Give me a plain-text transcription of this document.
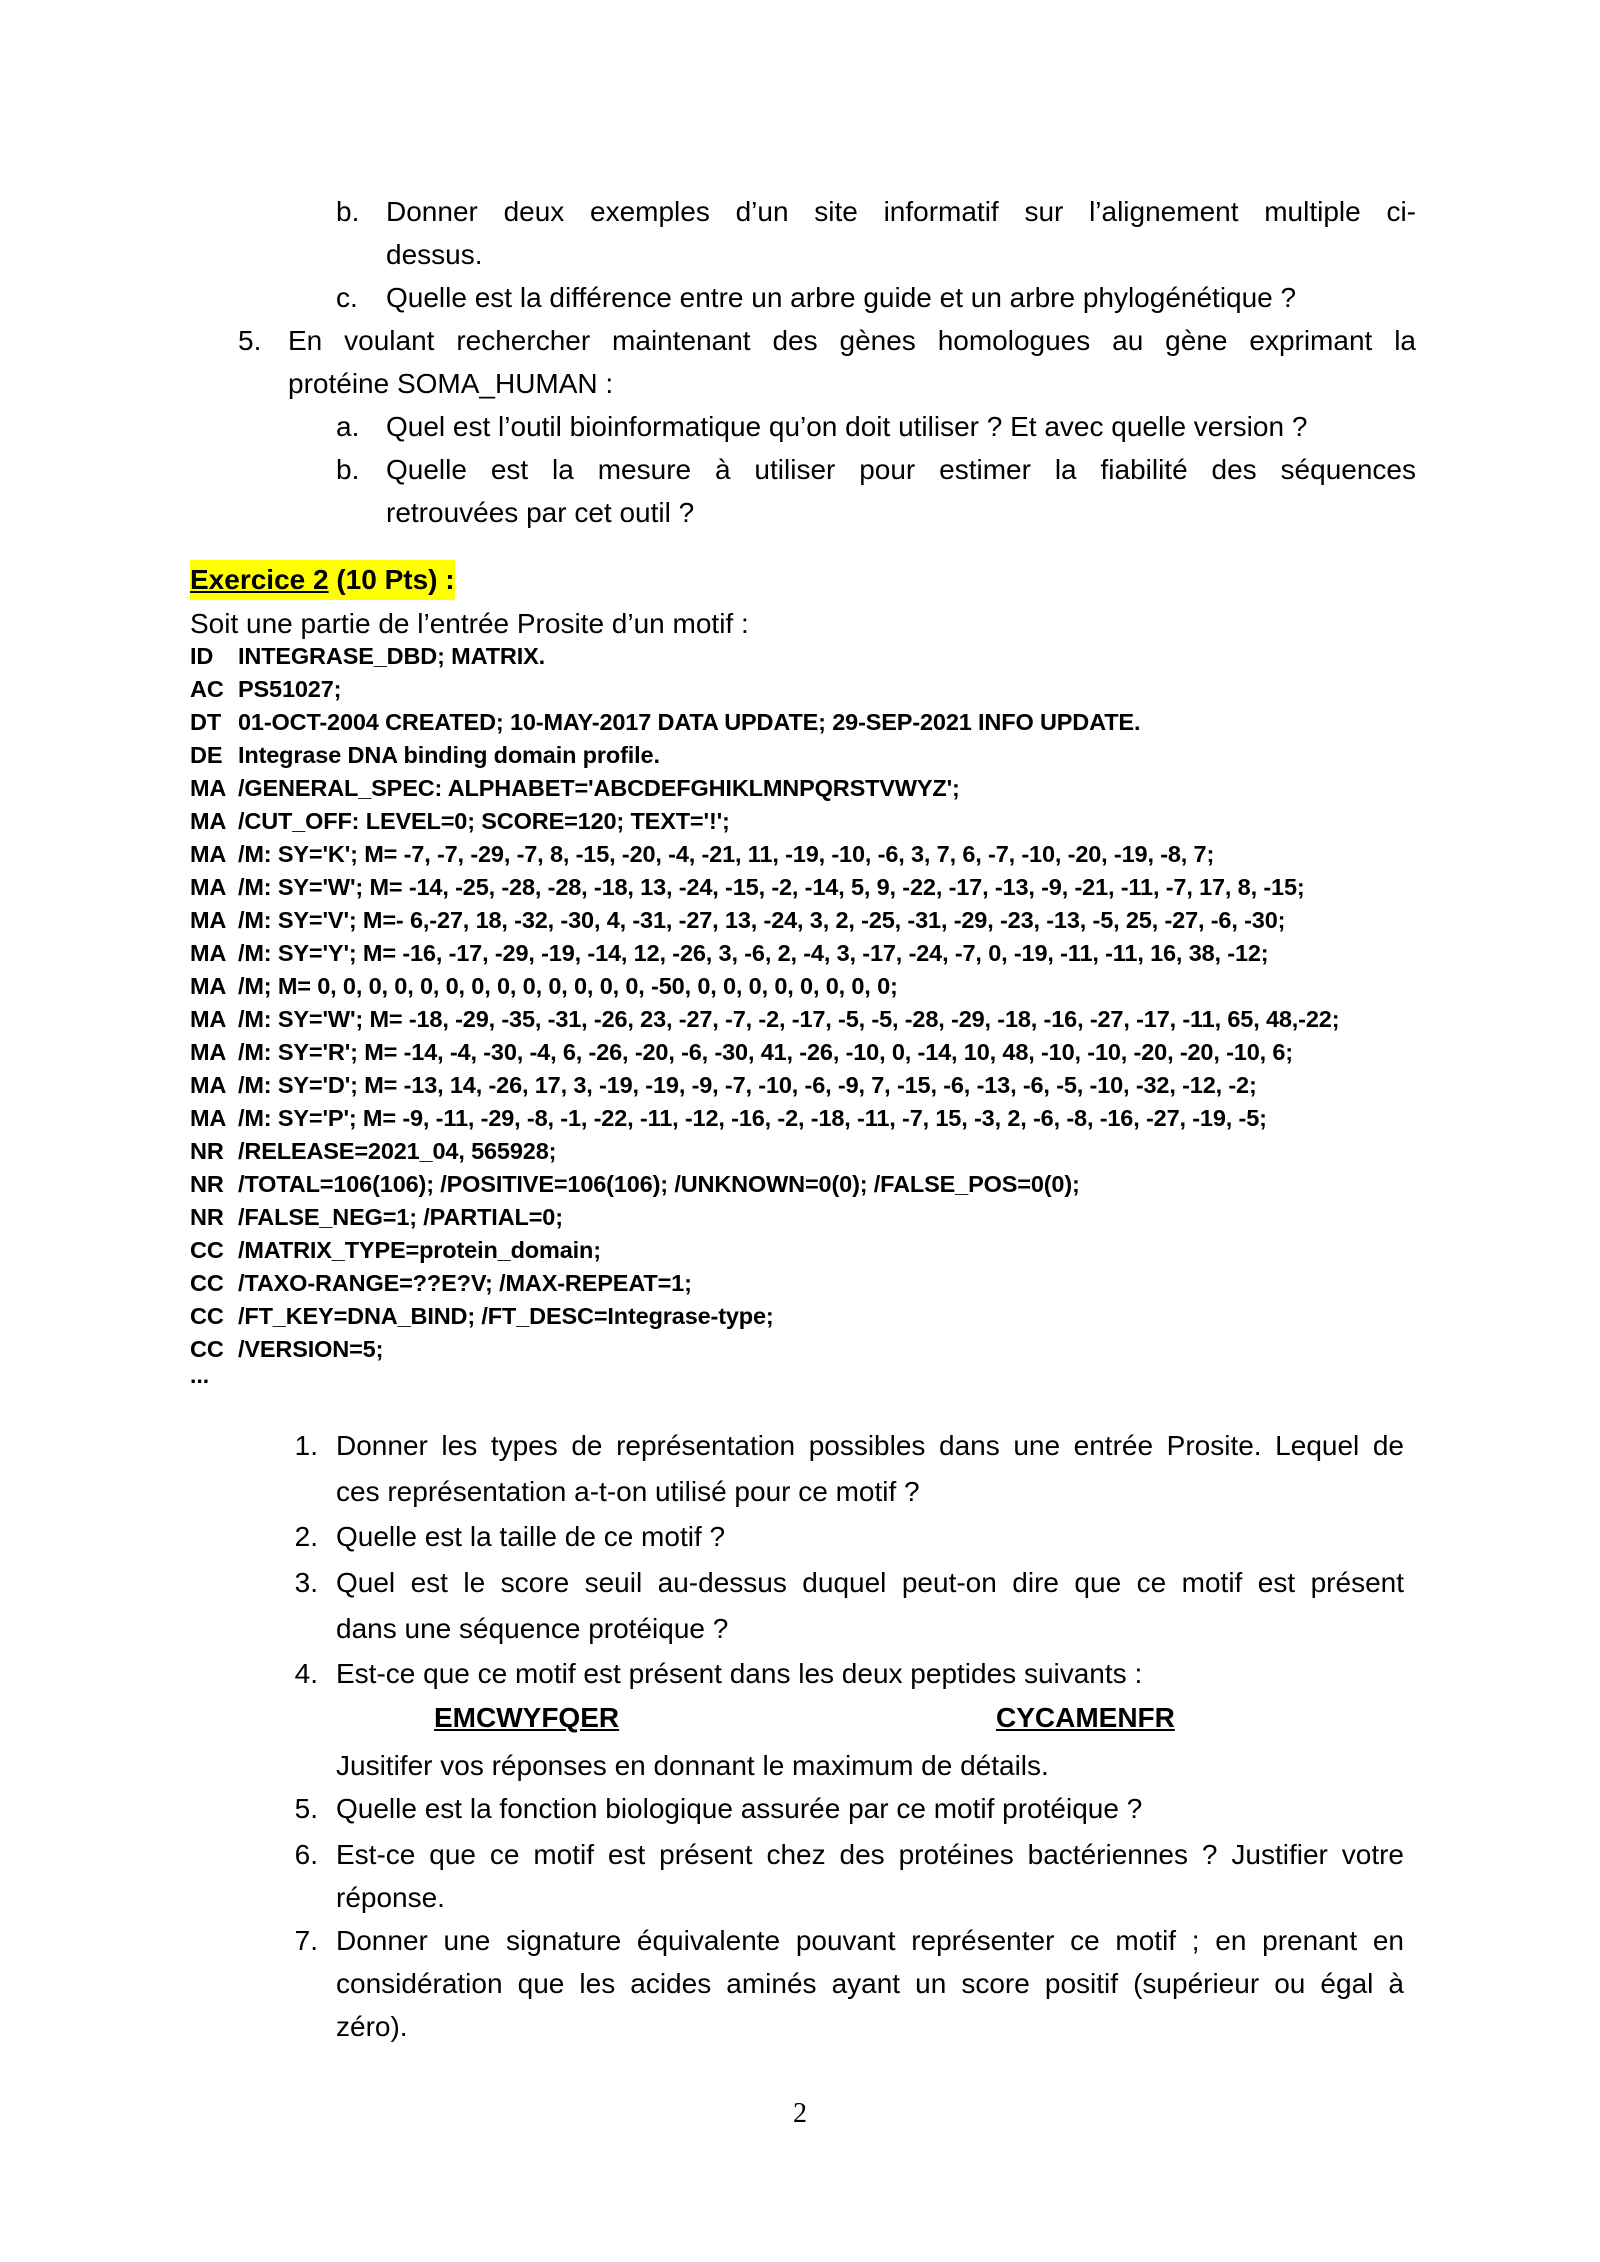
b. Donner deux exemples d’un site informatif sur l’alignement multiple ci-
dessus.
c. Quelle est la différence entre un arbre guide et un arbre phylogénétique ?
5. En voulant rechercher maintenant des gènes homologues au gène exprimant la
protéine SOMA_HUMAN :
a. Quel est l’outil bioinformatique qu’on doit utiliser ? Et avec quelle version ?
b. Quelle est la mesure à utiliser pour estimer la fiabilité des séquences
retrouvées par cet outil ?
Exercice 2 (10 Pts) :
Soit une partie de l’entrée Prosite d’un motif :
ID INTEGRASE_DBD; MATRIX.
AC PS51027;
DT 01-OCT-2004 CREATED; 10-MAY-2017 DATA UPDATE; 29-SEP-2021 INFO UPDATE.
DE Integrase DNA binding domain profile.
MA /GENERAL_SPEC: ALPHABET='ABCDEFGHIKLMNPQRSTVWYZ';
MA /CUT_OFF: LEVEL=0; SCORE=120; TEXT='!';
MA /M: SY='K'; M= -7, -7, -29, -7, 8, -15, -20, -4, -21, 11, -19, -10, -6, 3, 7, 6, -7, -10, -20, -19, -8, 7;
MA /M: SY='W'; M= -14, -25, -28, -28, -18, 13, -24, -15, -2, -14, 5, 9, -22, -17, -13, -9, -21, -11, -7, 17, 8, -15;
MA /M: SY='V'; M=- 6,-27, 18, -32, -30, 4, -31, -27, 13, -24, 3, 2, -25, -31, -29, -23, -13, -5, 25, -27, -6, -30;
MA /M: SY='Y'; M= -16, -17, -29, -19, -14, 12, -26, 3, -6, 2, -4, 3, -17, -24, -7, 0, -19, -11, -11, 16, 38, -12;
MA /M; M= 0, 0, 0, 0, 0, 0, 0, 0, 0, 0, 0, 0, 0, -50, 0, 0, 0, 0, 0, 0, 0, 0;
MA /M: SY='W'; M= -18, -29, -35, -31, -26, 23, -27, -7, -2, -17, -5, -5, -28, -29, -18, -16, -27, -17, -11, 65, 48,-22;
MA /M: SY='R'; M= -14, -4, -30, -4, 6, -26, -20, -6, -30, 41, -26, -10, 0, -14, 10, 48, -10, -10, -20, -20, -10, 6;
MA /M: SY='D'; M= -13, 14, -26, 17, 3, -19, -19, -9, -7, -10, -6, -9, 7, -15, -6, -13, -6, -5, -10, -32, -12, -2;
MA /M: SY='P'; M= -9, -11, -29, -8, -1, -22, -11, -12, -16, -2, -18, -11, -7, 15, -3, 2, -6, -8, -16, -27, -19, -5;
NR /RELEASE=2021_04, 565928;
NR /TOTAL=106(106); /POSITIVE=106(106); /UNKNOWN=0(0); /FALSE_POS=0(0);
NR /FALSE_NEG=1; /PARTIAL=0;
CC /MATRIX_TYPE=protein_domain;
CC /TAXO-RANGE=??E?V; /MAX-REPEAT=1;
CC /FT_KEY=DNA_BIND; /FT_DESC=Integrase-type;
CC /VERSION=5;
...
1. Donner les types de représentation possibles dans une entrée Prosite. Lequel de
ces représentation a-t-on utilisé pour ce motif ?
2. Quelle est la taille de ce motif ?
3. Quel est le score seuil au-dessus duquel peut-on dire que ce motif est présent
dans une séquence protéique ?
4. Est-ce que ce motif est présent dans les deux peptides suivants :
EMCWYFQER	CYCAMENFR
Jusitifer vos réponses en donnant le maximum de détails.
5. Quelle est la fonction biologique assurée par ce motif protéique ?
6. Est-ce que ce motif est présent chez des protéines bactériennes ? Justifier votre
réponse.
7. Donner une signature équivalente pouvant représenter ce motif ; en prenant en
considération que les acides aminés ayant un score positif (supérieur ou égal à
zéro).
2
